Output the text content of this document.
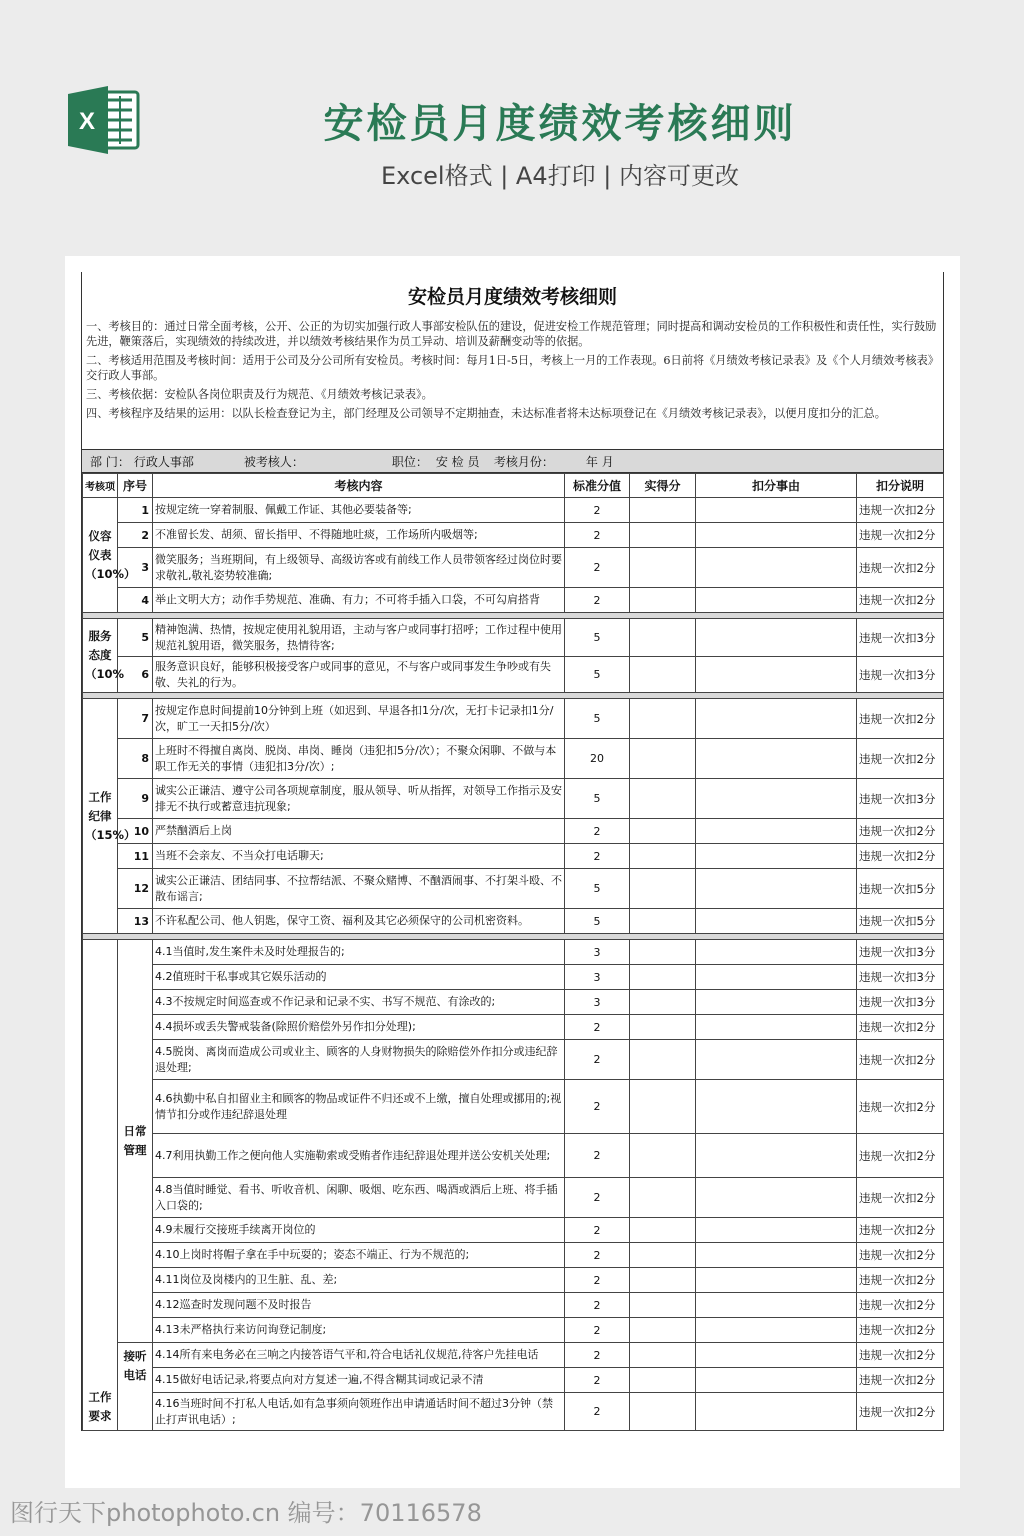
X	安检员月度绩效考核细则
Excel格式 | A4打印 | 内容可更改
安检员月度绩效考核细则
一、考核目的：通过日常全面考核，公开、公正的为切实加强行政人事部安检队伍的建设，促进安检工作规范管理；同时提高和调动安检员的工作积极性和责任性，实行鼓励先进，鞭策落后，实现绩效的持续改进，并以绩效考核结果作为员工异动、培训及薪酬变动等的依据。
二、考核适用范围及考核时间：适用于公司及分公司所有安检员。考核时间：每月1日-5日，考核上一月的工作表现。6日前将《月绩效考核记录表》及《个人月绩效考核表》交行政人事部。
三、考核依据：安检队各岗位职责及行为规范、《月绩效考核记录表》。
四、考核程序及结果的运用：以队长检查登记为主，部门经理及公司领导不定期抽查，未达标准者将未达标项登记在《月绩效考核记录表》，以便月度扣分的汇总。
部 门： 行政人事部	被考核人：	职位： 安 检 员	考核月份：	年 月
考核项	序号	考核内容	标准分值	实得分	扣分事由	扣分说明
仪容仪表（10%）	1	按规定统一穿着制服、佩戴工作证、其他必要装备等;	2			违规一次扣2分
	2	不准留长发、胡须、留长指甲、不得随地吐痰，工作场所内吸烟等;	2			违规一次扣2分
	3	微笑服务；当班期间，有上级领导、高级访客或有前线工作人员带领客经过岗位时要求敬礼,敬礼姿势较准确;	2			违规一次扣2分
	4	举止文明大方；动作手势规范、准确、有力；不可将手插入口袋，不可勾肩搭背	2			违规一次扣2分

服务态度（10%	5	精神饱满、热情，按规定使用礼貌用语，主动与客户或同事打招呼；工作过程中使用规范礼貌用语，微笑服务，热情待客;	5			违规一次扣3分
	6	服务意识良好，能够积极接受客户或同事的意见，不与客户或同事发生争吵或有失敬、失礼的行为。	5			违规一次扣3分

工作纪律（15%）	7	按规定作息时间提前10分钟到上班（如迟到、早退各扣1分/次，无打卡记录扣1分/次，旷工一天扣5分/次）	5			违规一次扣2分
	8	上班时不得擅自离岗、脱岗、串岗、睡岗（违犯扣5分/次）；不聚众闲聊、不做与本职工作无关的事情（违犯扣3分/次）;	20			违规一次扣2分
	9	诚实公正谦洁、遵守公司各项规章制度，服从领导、听从指挥，对领导工作指示及安排无不执行或蓄意违抗现象;	5			违规一次扣3分
	10	严禁酗酒后上岗	2			违规一次扣2分
	11	当班不会亲友、不当众打电话聊天;	2			违规一次扣2分
	12	诚实公正谦洁、团结同事、不拉帮结派、不聚众赌博、不酗酒闹事、不打架斗殴、不散布谣言;	5			违规一次扣5分
	13	不许私配公司、他人钥匙，保守工资、福利及其它必须保守的公司机密资料。	5			违规一次扣5分

工作要求	日常管理	4.1当值时,发生案件未及时处理报告的;	3			违规一次扣3分
		4.2值班时干私事或其它娱乐活动的	3			违规一次扣3分
		4.3不按规定时间巡查或不作记录和记录不实、书写不规范、有涂改的;	3			违规一次扣3分
		4.4损坏或丢失警戒装备(除照价赔偿外另作扣分处理);	2			违规一次扣2分
		4.5脱岗、离岗而造成公司或业主、顾客的人身财物损失的除赔偿外作扣分或违纪辞退处理;	2			违规一次扣2分
		4.6执勤中私自扣留业主和顾客的物品或证件不归还或不上缴，擅自处理或挪用的;视情节扣分或作违纪辞退处理	2			违规一次扣2分
		4.7利用执勤工作之便向他人实施勒索或受贿者作违纪辞退处理并送公安机关处理;	2			违规一次扣2分
		4.8当值时睡觉、看书、听收音机、闲聊、吸烟、吃东西、喝酒或酒后上班、将手插入口袋的;	2			违规一次扣2分
		4.9未履行交接班手续离开岗位的	2			违规一次扣2分
		4.10上岗时将帽子拿在手中玩耍的；姿态不端正、行为不规范的;	2			违规一次扣2分
		4.11岗位及岗楼内的卫生脏、乱、差;	2			违规一次扣2分
		4.12巡查时发现问题不及时报告	2			违规一次扣2分
		4.13未严格执行来访问询登记制度;	2			违规一次扣2分
	接听电话	4.14所有来电务必在三响之内接答语气平和,符合电话礼仪规范,待客户先挂电话	2			违规一次扣2分
		4.15做好电话记录,将要点向对方复述一遍,不得含糊其词或记录不清	2			违规一次扣2分
		4.16当班时间不打私人电话,如有急事须向领班作出申请通话时间不超过3分钟（禁止打声讯电话）;	2			违规一次扣2分
图行天下photophoto.cn 编号：70116578
